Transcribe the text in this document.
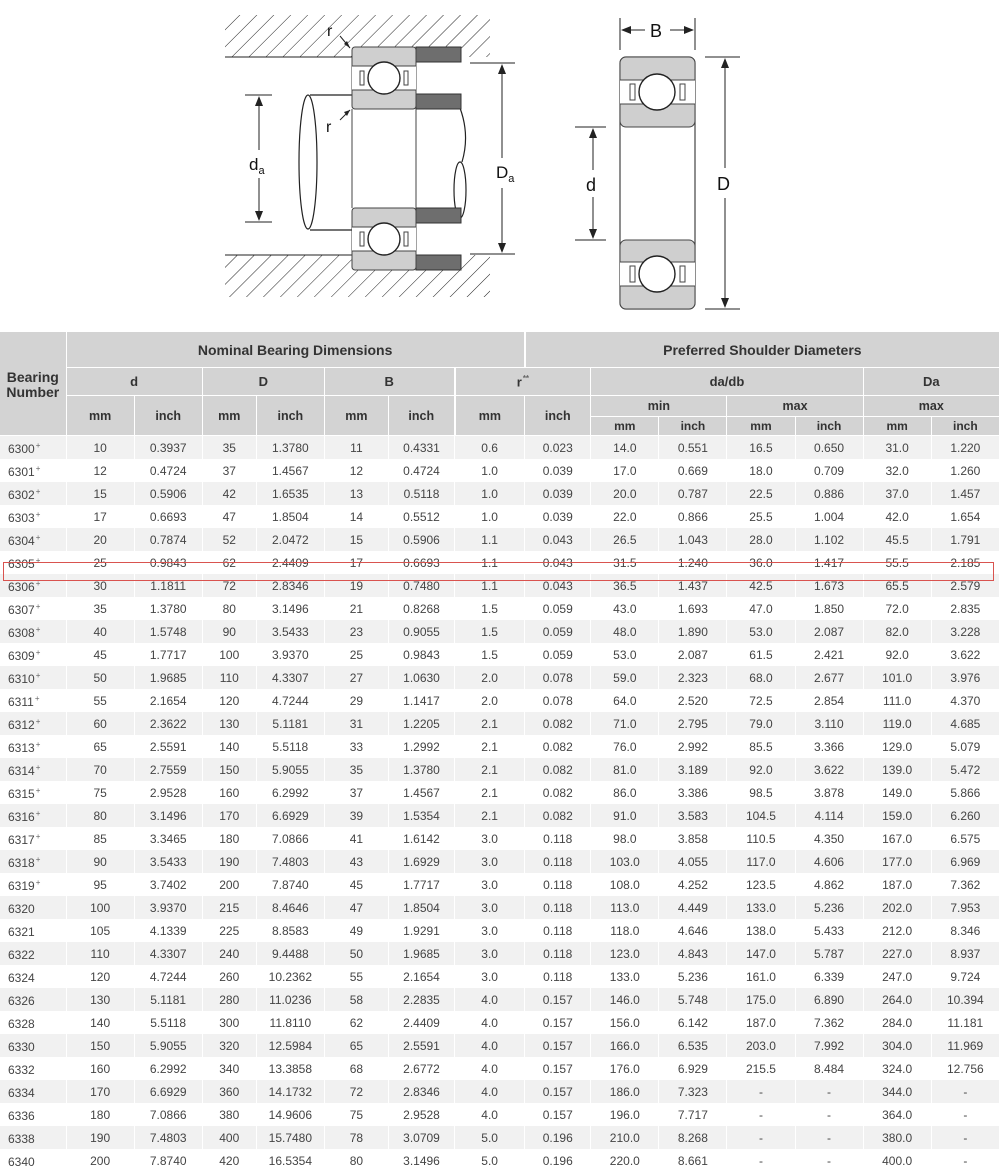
r
r
$d_a$	$D_a$
B
d	D
Bearing Number	Nominal Bearing Dimensions							Preferred Shoulder Diameters						
	d		D		B		r**		da/db				Da	
	mm	inch	mm	inch	mm	inch	mm	inch	min		max		max	
									mm	inch	mm	inch	mm	inch
6300+	10	0.3937	35	1.3780	11	0.4331	0.6	0.023	14.0	0.551	16.5	0.650	31.0	1.220
6301+	12	0.4724	37	1.4567	12	0.4724	1.0	0.039	17.0	0.669	18.0	0.709	32.0	1.260
6302+	15	0.5906	42	1.6535	13	0.5118	1.0	0.039	20.0	0.787	22.5	0.886	37.0	1.457
6303+	17	0.6693	47	1.8504	14	0.5512	1.0	0.039	22.0	0.866	25.5	1.004	42.0	1.654
6304+	20	0.7874	52	2.0472	15	0.5906	1.1	0.043	26.5	1.043	28.0	1.102	45.5	1.791
6305+	25	0.9843	62	2.4409	17	0.6693	1.1	0.043	31.5	1.240	36.0	1.417	55.5	2.185
6306+	30	1.1811	72	2.8346	19	0.7480	1.1	0.043	36.5	1.437	42.5	1.673	65.5	2.579
6307+	35	1.3780	80	3.1496	21	0.8268	1.5	0.059	43.0	1.693	47.0	1.850	72.0	2.835
6308+	40	1.5748	90	3.5433	23	0.9055	1.5	0.059	48.0	1.890	53.0	2.087	82.0	3.228
6309+	45	1.7717	100	3.9370	25	0.9843	1.5	0.059	53.0	2.087	61.5	2.421	92.0	3.622
6310+	50	1.9685	110	4.3307	27	1.0630	2.0	0.078	59.0	2.323	68.0	2.677	101.0	3.976
6311+	55	2.1654	120	4.7244	29	1.1417	2.0	0.078	64.0	2.520	72.5	2.854	111.0	4.370
6312+	60	2.3622	130	5.1181	31	1.2205	2.1	0.082	71.0	2.795	79.0	3.110	119.0	4.685
6313+	65	2.5591	140	5.5118	33	1.2992	2.1	0.082	76.0	2.992	85.5	3.366	129.0	5.079
6314+	70	2.7559	150	5.9055	35	1.3780	2.1	0.082	81.0	3.189	92.0	3.622	139.0	5.472
6315+	75	2.9528	160	6.2992	37	1.4567	2.1	0.082	86.0	3.386	98.5	3.878	149.0	5.866
6316+	80	3.1496	170	6.6929	39	1.5354	2.1	0.082	91.0	3.583	104.5	4.114	159.0	6.260
6317+	85	3.3465	180	7.0866	41	1.6142	3.0	0.118	98.0	3.858	110.5	4.350	167.0	6.575
6318+	90	3.5433	190	7.4803	43	1.6929	3.0	0.118	103.0	4.055	117.0	4.606	177.0	6.969
6319+	95	3.7402	200	7.8740	45	1.7717	3.0	0.118	108.0	4.252	123.5	4.862	187.0	7.362
6320	100	3.9370	215	8.4646	47	1.8504	3.0	0.118	113.0	4.449	133.0	5.236	202.0	7.953
6321	105	4.1339	225	8.8583	49	1.9291	3.0	0.118	118.0	4.646	138.0	5.433	212.0	8.346
6322	110	4.3307	240	9.4488	50	1.9685	3.0	0.118	123.0	4.843	147.0	5.787	227.0	8.937
6324	120	4.7244	260	10.2362	55	2.1654	3.0	0.118	133.0	5.236	161.0	6.339	247.0	9.724
6326	130	5.1181	280	11.0236	58	2.2835	4.0	0.157	146.0	5.748	175.0	6.890	264.0	10.394
6328	140	5.5118	300	11.8110	62	2.4409	4.0	0.157	156.0	6.142	187.0	7.362	284.0	11.181
6330	150	5.9055	320	12.5984	65	2.5591	4.0	0.157	166.0	6.535	203.0	7.992	304.0	11.969
6332	160	6.2992	340	13.3858	68	2.6772	4.0	0.157	176.0	6.929	215.5	8.484	324.0	12.756
6334	170	6.6929	360	14.1732	72	2.8346	4.0	0.157	186.0	7.323	-	-	344.0	-
6336	180	7.0866	380	14.9606	75	2.9528	4.0	0.157	196.0	7.717	-	-	364.0	-
6338	190	7.4803	400	15.7480	78	3.0709	5.0	0.196	210.0	8.268	-	-	380.0	-
6340	200	7.8740	420	16.5354	80	3.1496	5.0	0.196	220.0	8.661	-	-	400.0	-
